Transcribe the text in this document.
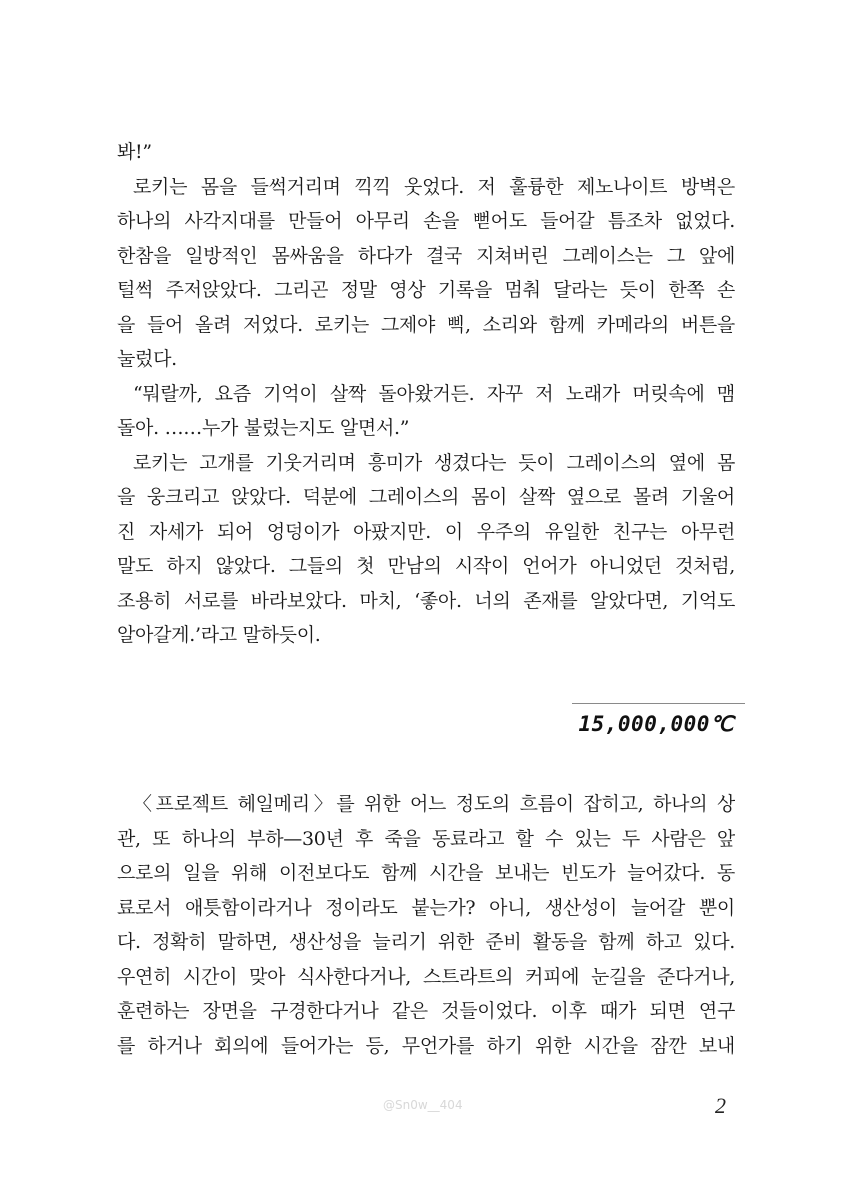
봐!”
로키는 몸을 들썩거리며 끽끽 웃었다. 저 훌륭한 제노나이트 방벽은
하나의 사각지대를 만들어 아무리 손을 뻗어도 들어갈 틈조차 없었다.
한참을 일방적인 몸싸움을 하다가 결국 지쳐버린 그레이스는 그 앞에
털썩 주저앉았다. 그리곤 정말 영상 기록을 멈춰 달라는 듯이 한쪽 손
을 들어 올려 저었다. 로키는 그제야 삑, 소리와 함께 카메라의 버튼을
눌렀다.
“뭐랄까, 요즘 기억이 살짝 돌아왔거든. 자꾸 저 노래가 머릿속에 맴
돌아. ……누가 불렀는지도 알면서.”
로키는 고개를 기웃거리며 흥미가 생겼다는 듯이 그레이스의 옆에 몸
을 웅크리고 앉았다. 덕분에 그레이스의 몸이 살짝 옆으로 몰려 기울어
진 자세가 되어 엉덩이가 아팠지만. 이 우주의 유일한 친구는 아무런
말도 하지 않았다. 그들의 첫 만남의 시작이 언어가 아니었던 것처럼,
조용히 서로를 바라보았다. 마치, ‘좋아. 너의 존재를 알았다면, 기억도
알아갈게.’라고 말하듯이.
15,000,000℃
〈프로젝트 헤일메리〉를 위한 어느 정도의 흐름이 잡히고, 하나의 상
관, 또 하나의 부하—30년 후 죽을 동료라고 할 수 있는 두 사람은 앞
으로의 일을 위해 이전보다도 함께 시간을 보내는 빈도가 늘어갔다. 동
료로서 애틋함이라거나 정이라도 붙는가? 아니, 생산성이 늘어갈 뿐이
다. 정확히 말하면, 생산성을 늘리기 위한 준비 활동을 함께 하고 있다.
우연히 시간이 맞아 식사한다거나, 스트라트의 커피에 눈길을 준다거나,
훈련하는 장면을 구경한다거나 같은 것들이었다. 이후 때가 되면 연구
를 하거나 회의에 들어가는 등, 무언가를 하기 위한 시간을 잠깐 보내
@Sn0w__404	2
